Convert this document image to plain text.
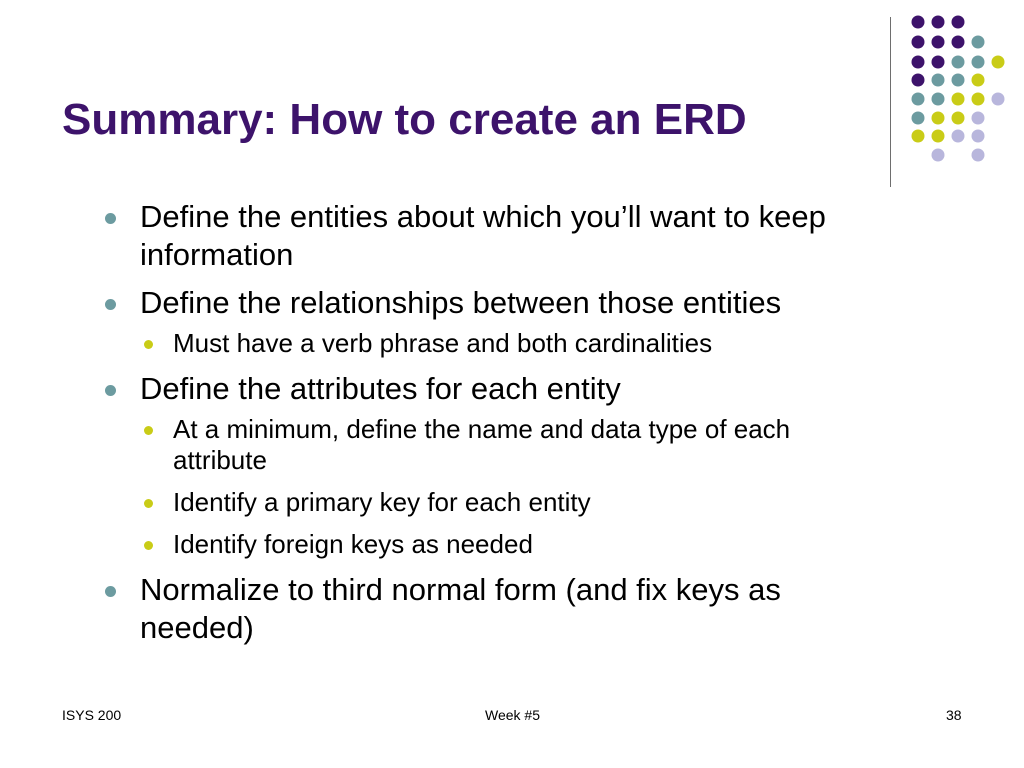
Summary: How to create an ERD
Define the entities about which you’ll want to keep information
Define the relationships between those entities
Must have a verb phrase and both cardinalities
Define the attributes for each entity
At a minimum, define the name and data type of each attribute
Identify a primary key for each entity
Identify foreign keys as needed
Normalize to third normal form (and fix keys as needed)
ISYS 200	Week #5	38
